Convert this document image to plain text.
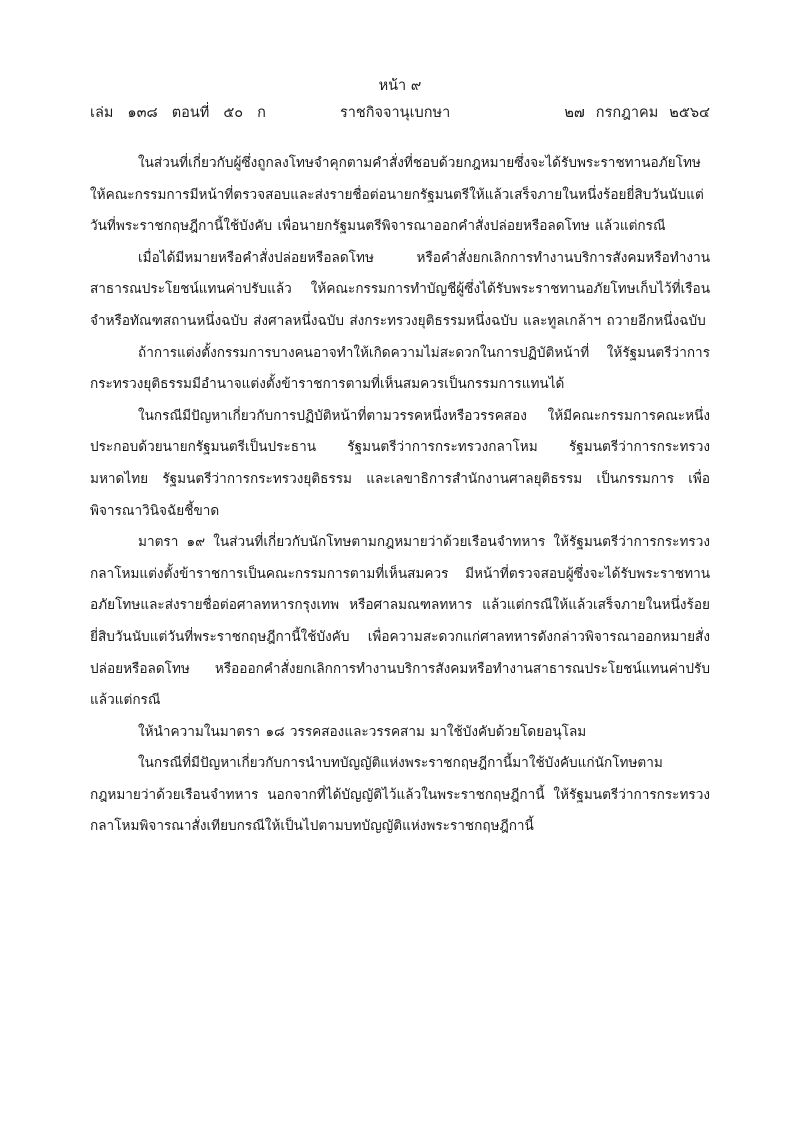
หน้า ๙
เล่ม ๑๓๘ ตอนที่ ๕๐ ก	ราชกิจจานุเบกษา	๒๗ กรกฎาคม ๒๕๖๔

ในส่วนที่เกี่ยวกับผู้ซึ่งถูกลงโทษจำคุกตามคำสั่งที่ชอบด้วยกฎหมายซึ่งจะได้รับพระราชทานอภัยโทษ ให้คณะกรรมการมีหน้าที่ตรวจสอบและส่งรายชื่อต่อนายกรัฐมนตรีให้แล้วเสร็จภายในหนึ่งร้อยยี่สิบวันนับแต่วันที่พระราชกฤษฎีกานี้ใช้บังคับ เพื่อนายกรัฐมนตรีพิจารณาออกคำสั่งปล่อยหรือลดโทษ แล้วแต่กรณี

เมื่อได้มีหมายหรือคำสั่งปล่อยหรือลดโทษ หรือคำสั่งยกเลิกการทำงานบริการสังคมหรือทำงานสาธารณประโยชน์แทนค่าปรับแล้ว ให้คณะกรรมการทำบัญชีผู้ซึ่งได้รับพระราชทานอภัยโทษเก็บไว้ที่เรือนจำหรือทัณฑสถานหนึ่งฉบับ ส่งศาลหนึ่งฉบับ ส่งกระทรวงยุติธรรมหนึ่งฉบับ และทูลเกล้าฯ ถวายอีกหนึ่งฉบับ

ถ้าการแต่งตั้งกรรมการบางคนอาจทำให้เกิดความไม่สะดวกในการปฏิบัติหน้าที่ ให้รัฐมนตรีว่าการกระทรวงยุติธรรมมีอำนาจแต่งตั้งข้าราชการตามที่เห็นสมควรเป็นกรรมการแทนได้

ในกรณีมีปัญหาเกี่ยวกับการปฏิบัติหน้าที่ตามวรรคหนึ่งหรือวรรคสอง ให้มีคณะกรรมการคณะหนึ่ง ประกอบด้วยนายกรัฐมนตรีเป็นประธาน รัฐมนตรีว่าการกระทรวงกลาโหม รัฐมนตรีว่าการกระทรวงมหาดไทย รัฐมนตรีว่าการกระทรวงยุติธรรม และเลขาธิการสำนักงานศาลยุติธรรม เป็นกรรมการ เพื่อพิจารณาวินิจฉัยชี้ขาด

มาตรา ๑๙ ในส่วนที่เกี่ยวกับนักโทษตามกฎหมายว่าด้วยเรือนจำทหาร ให้รัฐมนตรีว่าการกระทรวงกลาโหมแต่งตั้งข้าราชการเป็นคณะกรรมการตามที่เห็นสมควร มีหน้าที่ตรวจสอบผู้ซึ่งจะได้รับพระราชทานอภัยโทษและส่งรายชื่อต่อศาลทหารกรุงเทพ หรือศาลมณฑลทหาร แล้วแต่กรณีให้แล้วเสร็จภายในหนึ่งร้อยยี่สิบวันนับแต่วันที่พระราชกฤษฎีกานี้ใช้บังคับ เพื่อความสะดวกแก่ศาลทหารดังกล่าวพิจารณาออกหมายสั่งปล่อยหรือลดโทษ หรือออกคำสั่งยกเลิกการทำงานบริการสังคมหรือทำงานสาธารณประโยชน์แทนค่าปรับ แล้วแต่กรณี

ให้นำความในมาตรา ๑๘ วรรคสองและวรรคสาม มาใช้บังคับด้วยโดยอนุโลม

ในกรณีที่มีปัญหาเกี่ยวกับการนำบทบัญญัติแห่งพระราชกฤษฎีกานี้มาใช้บังคับแก่นักโทษตามกฎหมายว่าด้วยเรือนจำทหาร นอกจากที่ได้บัญญัติไว้แล้วในพระราชกฤษฎีกานี้ ให้รัฐมนตรีว่าการกระทรวงกลาโหมพิจารณาสั่งเทียบกรณีให้เป็นไปตามบทบัญญัติแห่งพระราชกฤษฎีกานี้
